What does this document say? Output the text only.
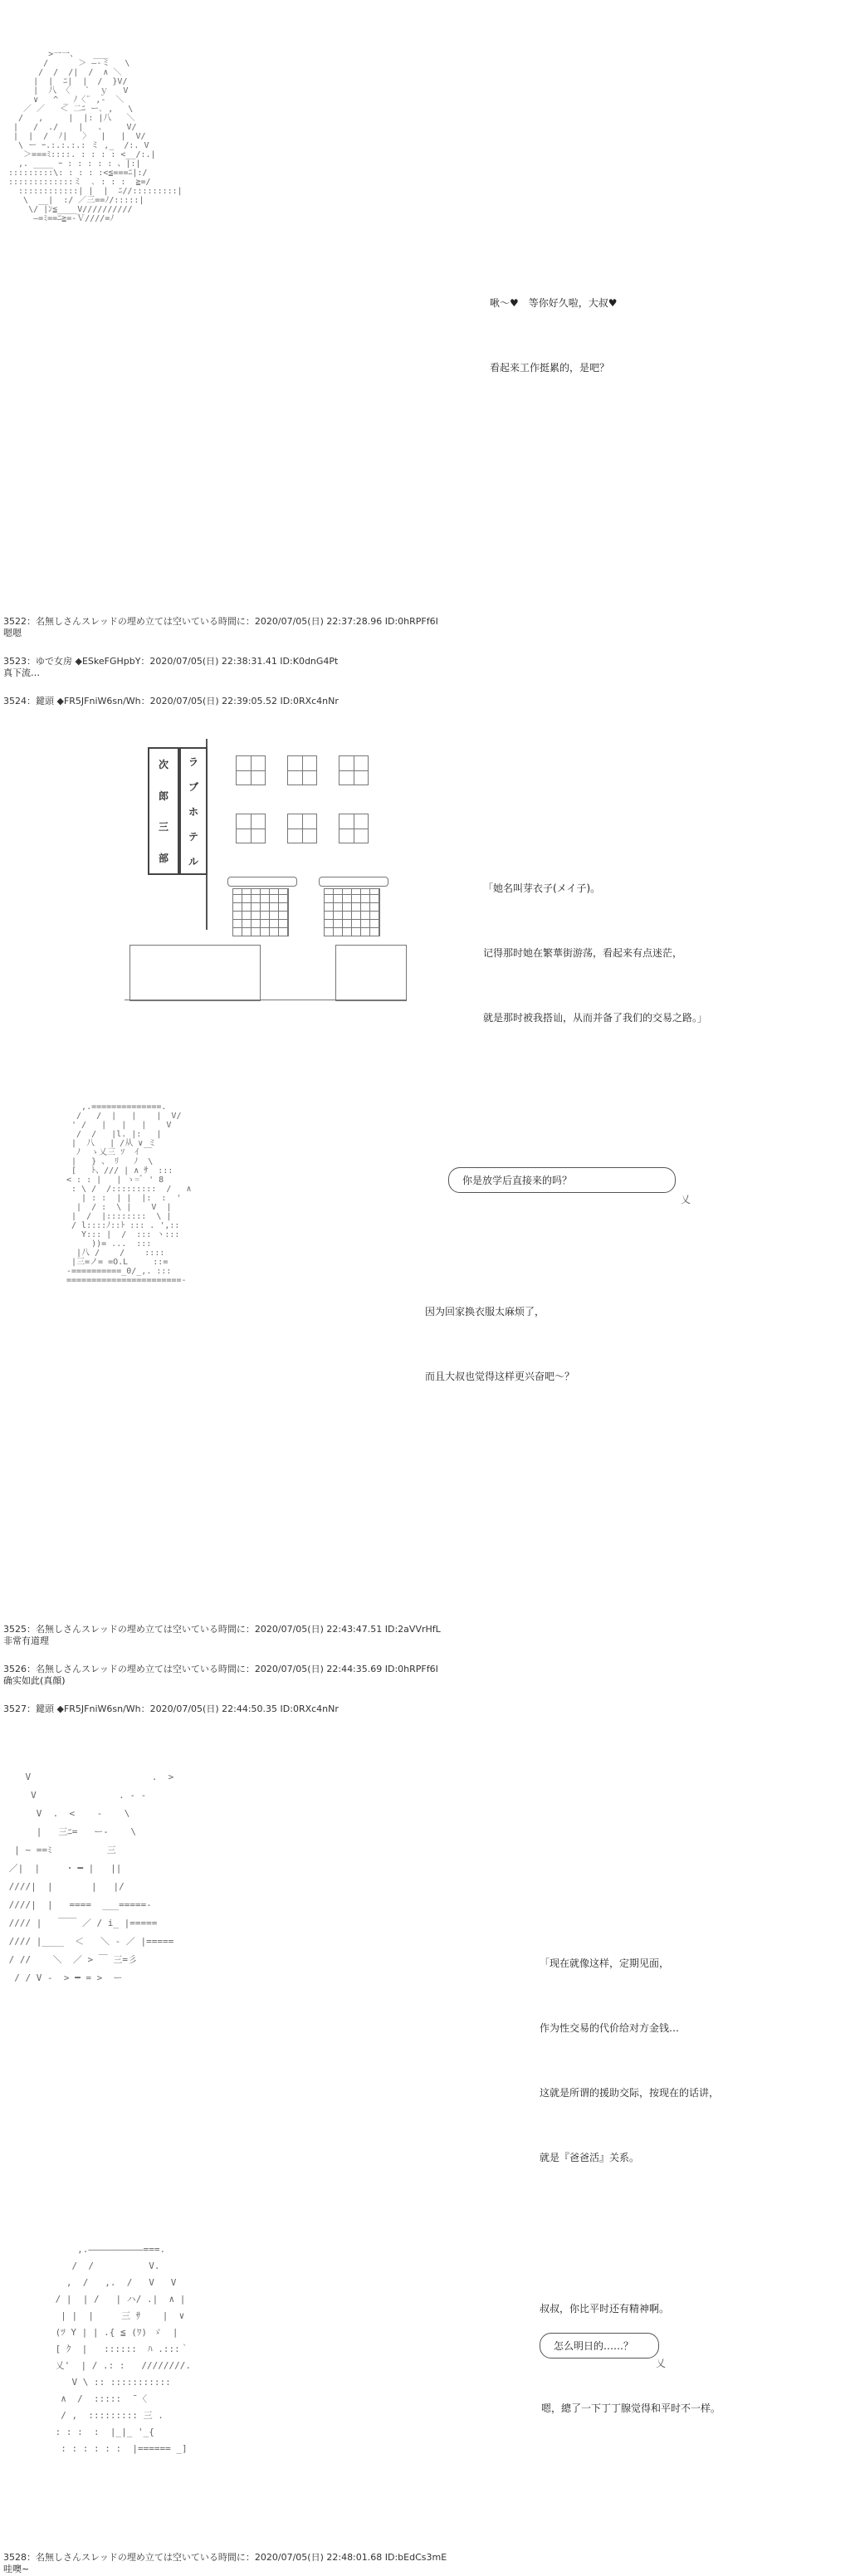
>一一、   ___
/      ＞ ―‐ミ   \
/  /  /|  /  ∧ ＼
|  |  ﾆ|  |  /  }V/
|  八 〈   `  ｙ   V
∨   ^ _ ﾉ〈¨ ,-  ＼
／ ／   ＜ 二ﾆ ー､ ,   \
/   ,     |  |: |八   ＼
|   /  ./    |   、    V/
|  |  /  ﾉ|   〉  |   |  V/
\ ー ｰ.:.:.:.: ミ ,_  /:. V
＞===ﾐ::::. : : : : <__/:.|
,. ____ ｰ : : : : : 、|:|
:::::::::\: : : : :<≦===ﾆ|:/
:::::::::::::ミ  ､ : : :  ≧=/
::::::::::::| |  |  ﾆ//:::::::::|
\  __|  :/ ／三==ﾉ/:::::|
\/ |ﾝ≦____V//////////
―=ﾐ==ﾆ≧=-Ｖ////=ﾉ

啾～♥　等你好久啦，大叔♥

看起来工作挺累的，是吧？

3522：名無しさんスレッドの埋め立ては空いている時間に：2020/07/05(日) 22:37:28.96 ID:0hRPFf6I
嗯嗯
3523：ゆで女房 ◆ESkeFGHpbY：2020/07/05(日) 22:38:31.41 ID:K0dnG4Pt
真下流…
3524：鍵頭 ◆FR5JFniW6sn/Wh：2020/07/05(日) 22:39:05.52 ID:0RXc4nNr
次
郎
三
部
ラ
ブ
ホ
テ
ル

「她名叫芽衣子(メイ子)。

记得那时她在繁華街游荡，看起来有点迷茫，

就是那时被我搭讪，从而并备了我们的交易之路。」

,.==============.
/   /  |   |    |  V/
' /   |   |   |    V
/  /   |l. |:   |
|  八   | /从 ∨ ミ
ﾉ  ゝ乂三 ｿ  ｲ ￣
|   } 、 ﾘ   ﾉ  \
[   ﾄ、/// | ∧ ｻ  :::
< : : |   | ゝ=ﾞ ' 8
: \ /  /:::::::::  /   ∧
| : :  | |  |:  :  '
|  / :  \ |    V  |
|  /  |::::::::  \ |
/ l::::ﾉ::ﾄ ::: . ',::
Y::: |  /  ::: ヽ:::
))= ...  :::
|八 /    /    ::::
|三=ノ= =O.L     ::=
-==========_0/_,. :::
=======================-
你是放学后直接来的吗？
乂

因为回家换衣服太麻烦了，

而且大叔也觉得这样更兴奋吧～？

3525：名無しさんスレッドの埋め立ては空いている時間に：2020/07/05(日) 22:43:47.51 ID:2aVVrHfL
非常有道理
3526：名無しさんスレッドの埋め立ては空いている時間に：2020/07/05(日) 22:44:35.69 ID:0hRPFf6I
确实如此(真顔)
3527：鍵頭 ◆FR5JFniW6sn/Wh：2020/07/05(日) 22:44:50.35 ID:0RXc4nNr
V                      .  >
V               . ‐ ‐
V  .  <    -    \
|   三ﾆ=   ー‐    \
| ~ ==ﾐ          三
／|  |     ･ ━ |   ||
////|  |       |   |/
////|  |   ====  ___=====-
//// |   ￣￣ ／ / i_ |=====
//// |____  ＜   ＼ ‐ ／ |=====
/ //    ＼  ／ > ￣ 三=彡
/ / V -  > ━ = >  ー

「现在就像这样，定期见面，

作为性交易的代价给对方金钱…

这就是所谓的援助交际，按现在的话讲，

就是『爸爸活』关系。

,.――――――――――===.
/  /          V.
,  /   ,.  /   V   V
/ |  | /   | ハ/ .|  ∧ |
| |  |     三 ｻ    |  ∨
(ﾂ Y | | .{ ≦ (ﾜ) ゞ  |
[ ｸ  |   ::::::  ﾊ .:::｀
乂'  | / .: :   ////////.
V \ :: :::::::::::
∧  /  :::::  ̄ 〈
/ ,  ::::::::: 三 .
: : :  :  |_|_ '_{
: : : : : :  |====== _]
叔叔，你比平时还有精神啊。
怎么明日的……？
乂
嗯，總了一下丁丁腺觉得和平时不一样。
3528：名無しさんスレッドの埋め立ては空いている時間に：2020/07/05(日) 22:48:01.68 ID:bEdCs3mE
哇噢~
